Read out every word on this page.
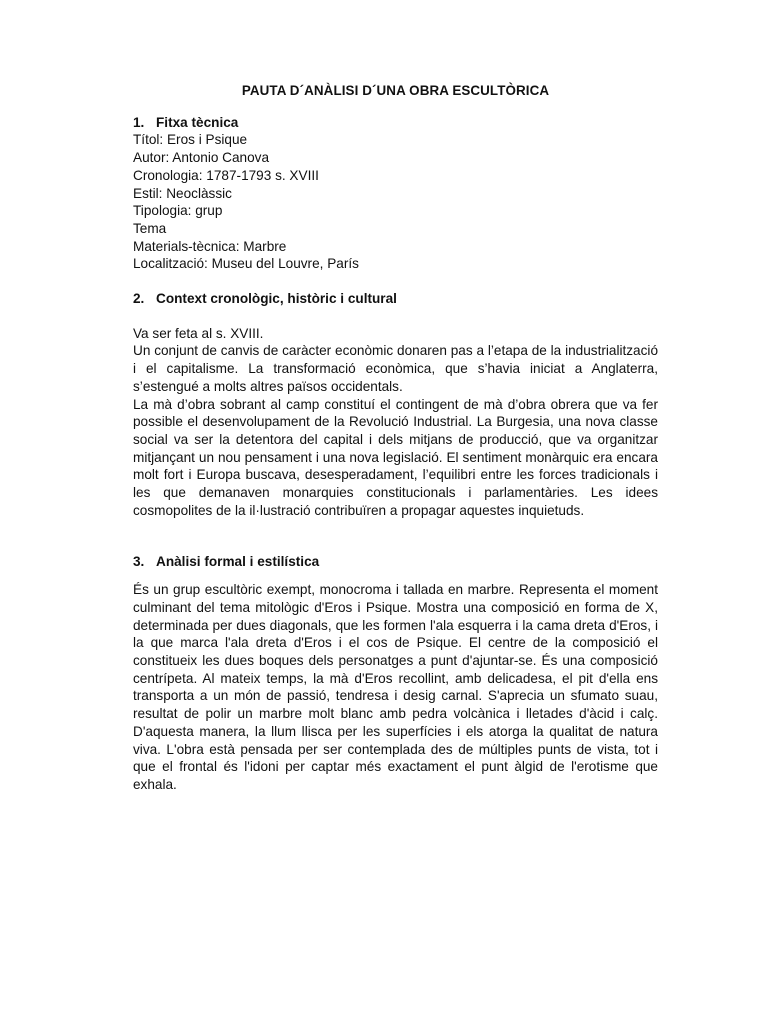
PAUTA D´ANÀLISI D´UNA OBRA ESCULTÒRICA

1. Fitxa tècnica

Títol: Eros i Psique

Autor: Antonio Canova

Cronologia: 1787-1793 s. XVIII

Estil: Neoclàssic

Tipologia: grup

Tema

Materials-tècnica: Marbre

Localització: Museu del Louvre, París

2. Context cronològic, històric i cultural

Va ser feta al s. XVIII.

Un conjunt de canvis de caràcter econòmic donaren pas a l’etapa de la industrialització i el capitalisme. La transformació econòmica, que s’havia iniciat a Anglaterra, s’estengué a molts altres països occidentals.

La mà d’obra sobrant al camp constituí el contingent de mà d’obra obrera que va fer possible el desenvolupament de la Revolució Industrial. La Burgesia, una nova classe social va ser la detentora del capital i dels mitjans de producció, que va organitzar mitjançant un nou pensament i una nova legislació. El sentiment monàrquic era encara molt fort i Europa buscava, desesperadament, l’equilibri entre les forces tradicionals i les que demanaven monarquies constitucionals i parlamentàries. Les idees cosmopolites de la il·lustració contribuïren a propagar aquestes inquietuds.

3. Anàlisi formal i estilística

És un grup escultòric exempt, monocroma i tallada en marbre. Representa el moment culminant del tema mitològic d'Eros i Psique. Mostra una composició en forma de X, determinada per dues diagonals, que les formen l'ala esquerra i la cama dreta d'Eros, i la que marca l'ala dreta d'Eros i el cos de Psique. El centre de la composició el constitueix les dues boques dels personatges a punt d'ajuntar-se. És una composició centrípeta. Al mateix temps, la mà d'Eros recollint, amb delicadesa, el pit d'ella ens transporta a un món de passió, tendresa i desig carnal. S'aprecia un sfumato suau, resultat de polir un marbre molt blanc amb pedra volcànica i lletades d'àcid i calç. D'aquesta manera, la llum llisca per les superfícies i els atorga la qualitat de natura viva. L'obra està pensada per ser contemplada des de múltiples punts de vista, tot i que el frontal és l'idoni per captar més exactament el punt àlgid de l'erotisme que exhala.
